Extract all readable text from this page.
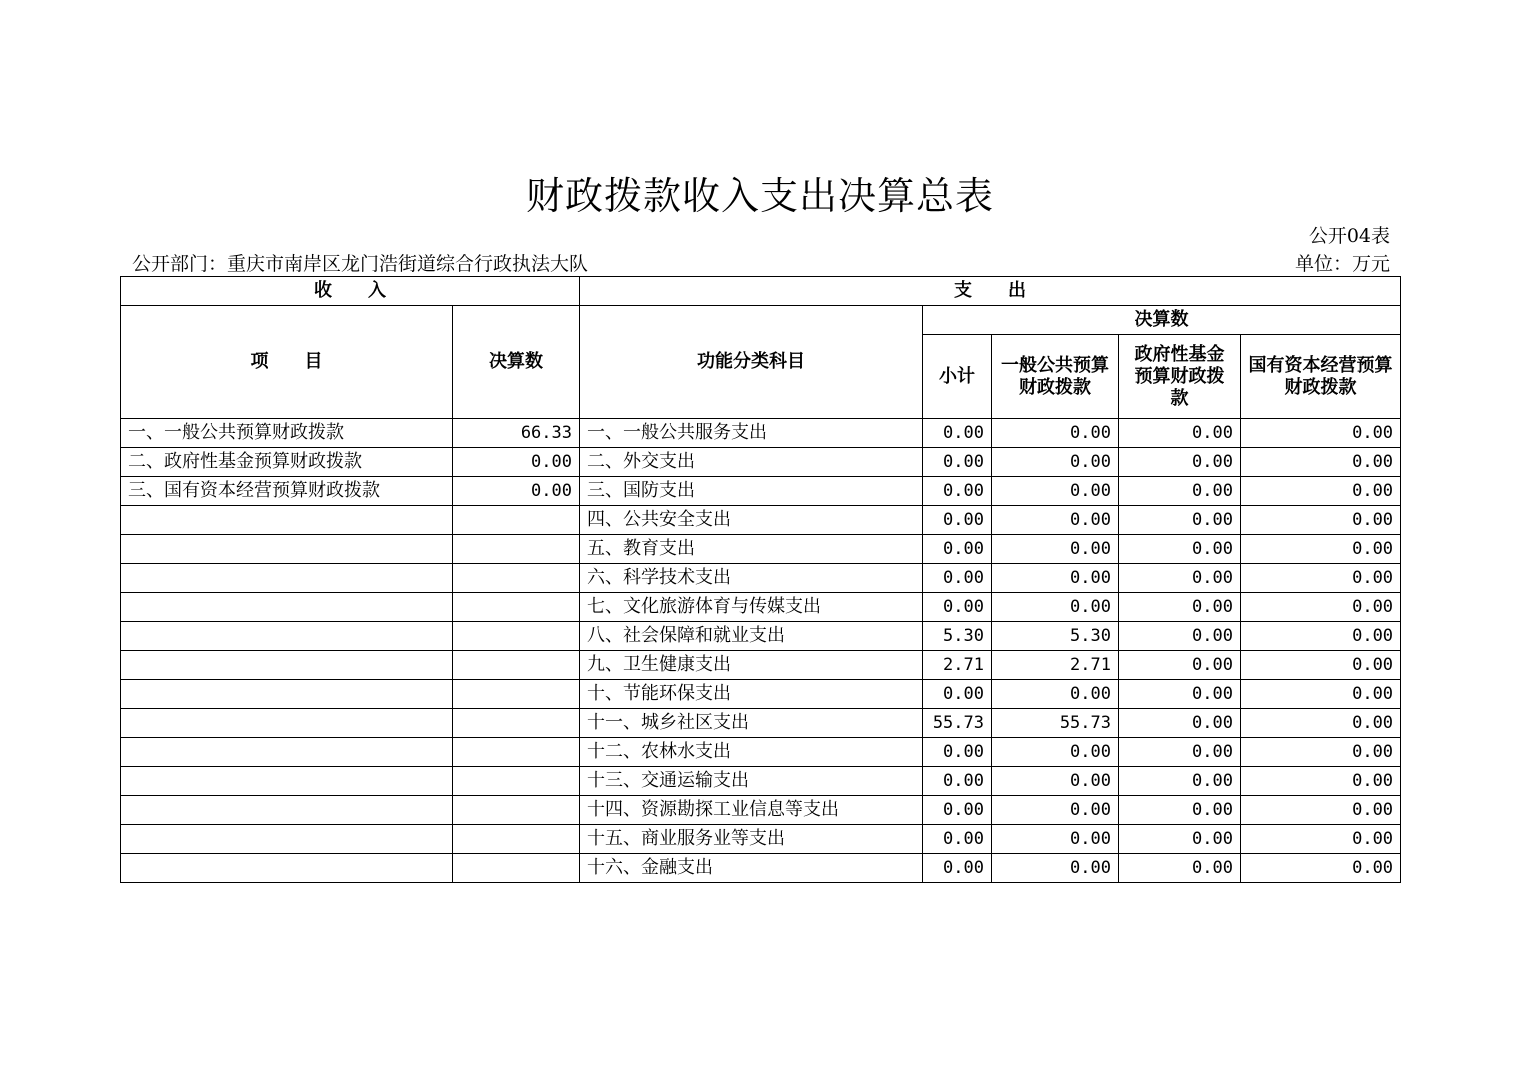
财政拨款收入支出决算总表
公开04表
公开部门：重庆市南岸区龙门浩街道综合行政执法大队	单位：万元
收　　入		支　　出				
项　　目	决算数	功能分类科目	决算数			
			小计	一般公共预算财政拨款	政府性基金预算财政拨款	国有资本经营预算财政拨款
一、一般公共预算财政拨款	66.33	一、一般公共服务支出	0.00	0.00	0.00	0.00
二、政府性基金预算财政拨款	0.00	二、外交支出	0.00	0.00	0.00	0.00
三、国有资本经营预算财政拨款	0.00	三、国防支出	0.00	0.00	0.00	0.00
		四、公共安全支出	0.00	0.00	0.00	0.00
		五、教育支出	0.00	0.00	0.00	0.00
		六、科学技术支出	0.00	0.00	0.00	0.00
		七、文化旅游体育与传媒支出	0.00	0.00	0.00	0.00
		八、社会保障和就业支出	5.30	5.30	0.00	0.00
		九、卫生健康支出	2.71	2.71	0.00	0.00
		十、节能环保支出	0.00	0.00	0.00	0.00
		十一、城乡社区支出	55.73	55.73	0.00	0.00
		十二、农林水支出	0.00	0.00	0.00	0.00
		十三、交通运输支出	0.00	0.00	0.00	0.00
		十四、资源勘探工业信息等支出	0.00	0.00	0.00	0.00
		十五、商业服务业等支出	0.00	0.00	0.00	0.00
		十六、金融支出	0.00	0.00	0.00	0.00
